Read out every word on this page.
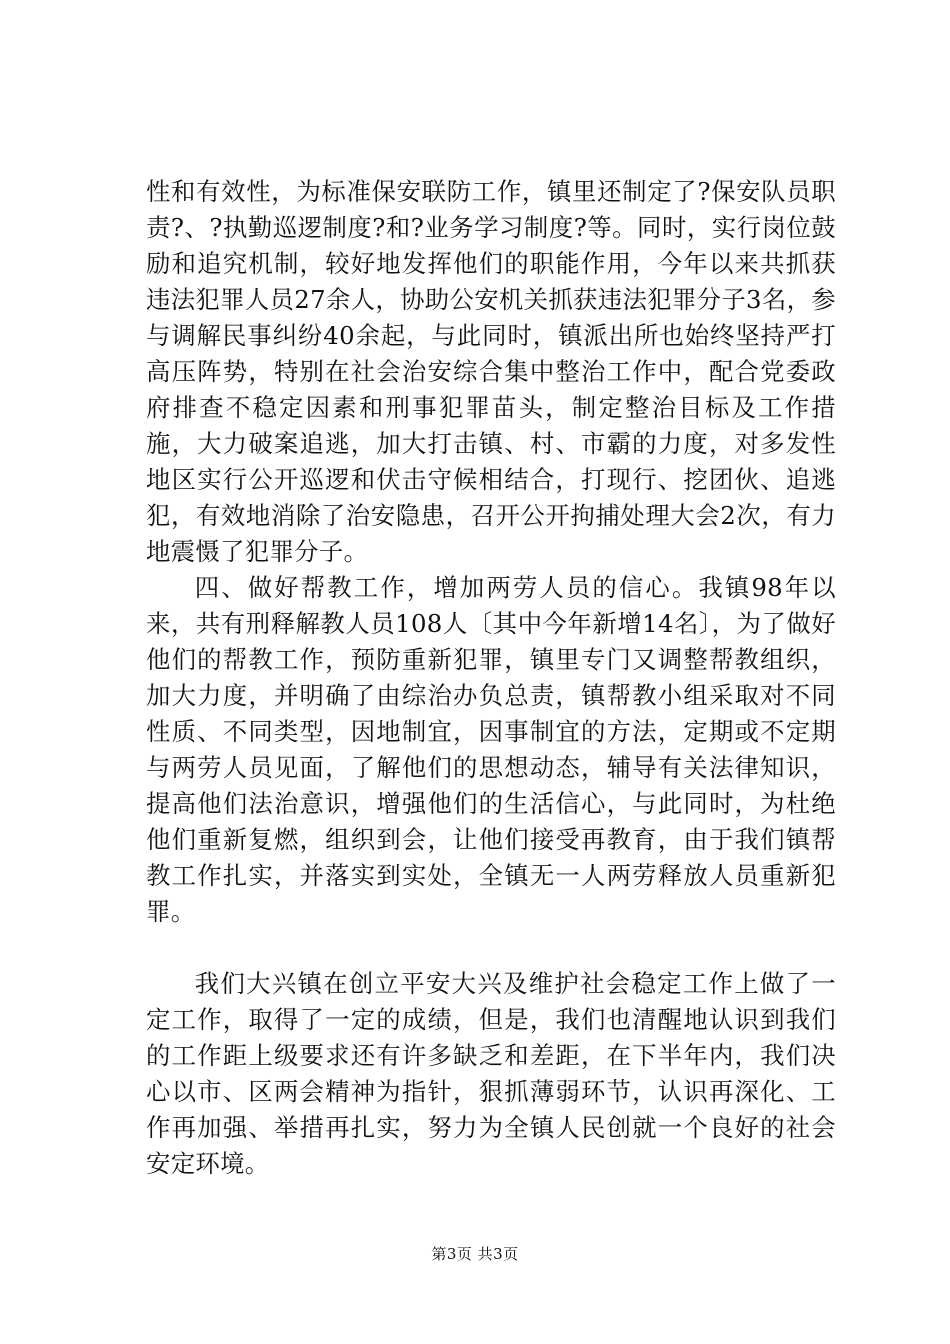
性和有效性，为标准保安联防工作，镇里还制定了?保安队员职责?、?执勤巡逻制度?和?业务学习制度?等。同时，实行岗位鼓励和追究机制，较好地发挥他们的职能作用，今年以来共抓获违法犯罪人员27余人，协助公安机关抓获违法犯罪分子3名，参与调解民事纠纷40余起，与此同时，镇派出所也始终坚持严打高压阵势，特别在社会治安综合集中整治工作中，配合党委政府排查不稳定因素和刑事犯罪苗头，制定整治目标及工作措施，大力破案追逃，加大打击镇、村、市霸的力度，对多发性地区实行公开巡逻和伏击守候相结合，打现行、挖团伙、追逃犯，有效地消除了治安隐患，召开公开拘捕处理大会2次，有力地震慑了犯罪分子。

四、做好帮教工作，增加两劳人员的信心。我镇98年以来，共有刑释解教人员108人〔其中今年新增14名〕，为了做好他们的帮教工作，预防重新犯罪，镇里专门又调整帮教组织，加大力度，并明确了由综治办负总责，镇帮教小组采取对不同性质、不同类型，因地制宜，因事制宜的方法，定期或不定期与两劳人员见面，了解他们的思想动态，辅导有关法律知识，提高他们法治意识，增强他们的生活信心，与此同时，为杜绝他们重新复燃，组织到会，让他们接受再教育，由于我们镇帮教工作扎实，并落实到实处，全镇无一人两劳释放人员重新犯罪。

我们大兴镇在创立平安大兴及维护社会稳定工作上做了一定工作，取得了一定的成绩，但是，我们也清醒地认识到我们的工作距上级要求还有许多缺乏和差距，在下半年内，我们决心以市、区两会精神为指针，狠抓薄弱环节，认识再深化、工作再加强、举措再扎实，努力为全镇人民创就一个良好的社会安定环境。

第3页 共3页
